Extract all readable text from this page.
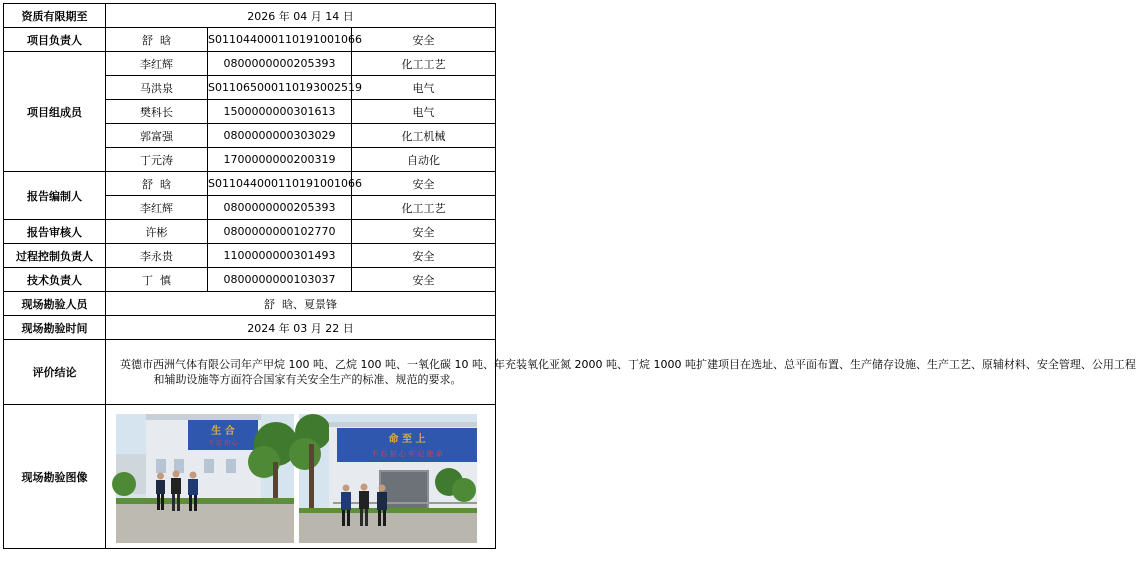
资质有限期至	2026 年 04 月 14 日		
项目负责人	舒  晗	S011044000110191001066	安全
项目组成员	李红辉	0800000000205393	化工工艺
	马洪泉	S011065000110193002519	电气
	樊科长	1500000000301613	电气
	郭富强	0800000000303029	化工机械
	丁元涛	1700000000200319	自动化
报告编制人	舒  晗	S011044000110191001066	安全
	李红辉	0800000000205393	化工工艺
报告审核人	许彬	0800000000102770	安全
过程控制负责人	李永贵	1100000000301493	安全
技术负责人	丁  慎	0800000000103037	安全
现场勘验人员	舒  晗、夏景锋		
现场勘验时间	2024 年 03 月 22 日		
评价结论	英德市西洲气体有限公司年产甲烷 100 吨、乙烷 100 吨、一氧化碳 10 吨、年充装氧化亚氮 2000 吨、丁烷 1000 吨扩建项目在选址、总平面布置、生产储存设施、生产工艺、原辅材料、安全管理、公用工程

和辅助设施等方面符合国家有关安全生产的标准、规范的要求。		

现场勘验图像	生 合
不 忘 初 心 命 至 上
不 忘 初 心 牢 记 使 命		
